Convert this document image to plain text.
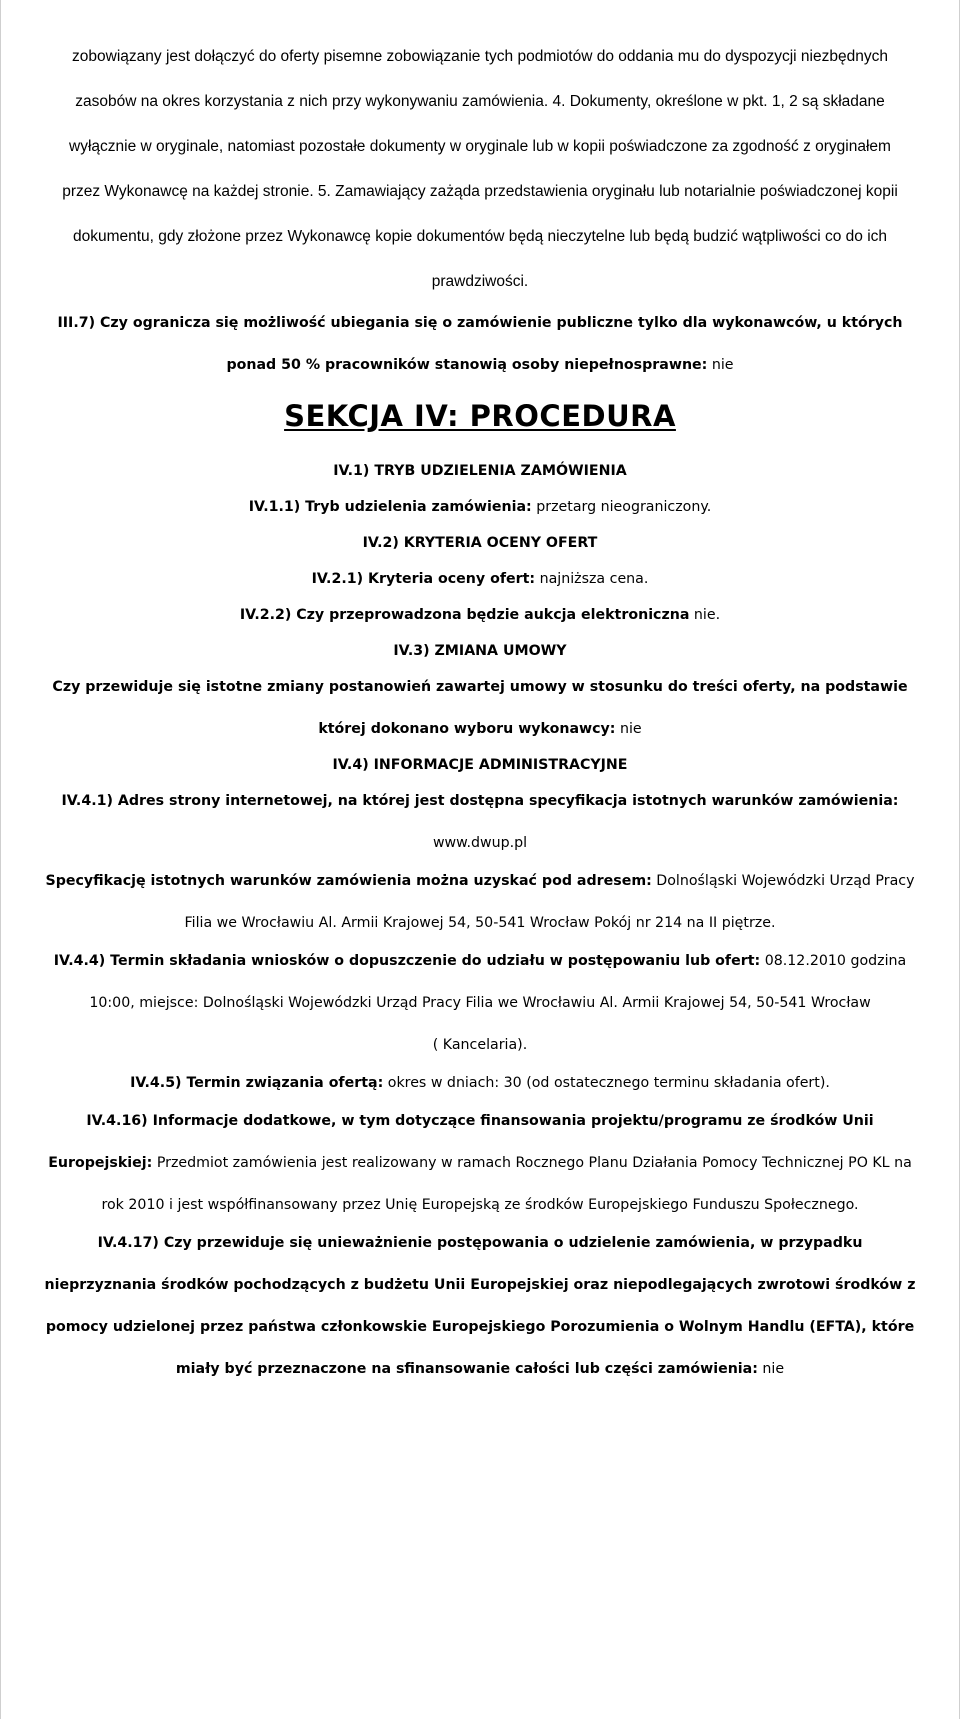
zobowiązany jest dołączyć do oferty pisemne zobowiązanie tych podmiotów do oddania mu do dyspozycji niezbędnych

zasobów na okres korzystania z nich przy wykonywaniu zamówienia. 4. Dokumenty, określone w pkt. 1, 2 są składane

wyłącznie w oryginale, natomiast pozostałe dokumenty w oryginale lub w kopii poświadczone za zgodność z oryginałem

przez Wykonawcę na każdej stronie. 5. Zamawiający zażąda przedstawienia oryginału lub notarialnie poświadczonej kopii

dokumentu, gdy złożone przez Wykonawcę kopie dokumentów będą nieczytelne lub będą budzić wątpliwości co do ich

prawdziwości.

III.7) Czy ogranicza się możliwość ubiegania się o zamówienie publiczne tylko dla wykonawców, u których

ponad 50 % pracowników stanowią osoby niepełnosprawne: nie

SEKCJA IV: PROCEDURA

IV.1) TRYB UDZIELENIA ZAMÓWIENIA

IV.1.1) Tryb udzielenia zamówienia: przetarg nieograniczony.

IV.2) KRYTERIA OCENY OFERT

IV.2.1) Kryteria oceny ofert: najniższa cena.

IV.2.2) Czy przeprowadzona będzie aukcja elektroniczna nie.

IV.3) ZMIANA UMOWY

Czy przewiduje się istotne zmiany postanowień zawartej umowy w stosunku do treści oferty, na podstawie

której dokonano wyboru wykonawcy: nie

IV.4) INFORMACJE ADMINISTRACYJNE

IV.4.1) Adres strony internetowej, na której jest dostępna specyfikacja istotnych warunków zamówienia:

www.dwup.pl

Specyfikację istotnych warunków zamówienia można uzyskać pod adresem: Dolnośląski Wojewódzki Urząd Pracy

Filia we Wrocławiu Al. Armii Krajowej 54, 50-541 Wrocław Pokój nr 214 na II piętrze.

IV.4.4) Termin składania wniosków o dopuszczenie do udziału w postępowaniu lub ofert: 08.12.2010 godzina

10:00, miejsce: Dolnośląski Wojewódzki Urząd Pracy Filia we Wrocławiu Al. Armii Krajowej 54, 50-541 Wrocław

( Kancelaria).

IV.4.5) Termin związania ofertą: okres w dniach: 30 (od ostatecznego terminu składania ofert).

IV.4.16) Informacje dodatkowe, w tym dotyczące finansowania projektu/programu ze środków Unii

Europejskiej: Przedmiot zamówienia jest realizowany w ramach Rocznego Planu Działania Pomocy Technicznej PO KL na

rok 2010 i jest współfinansowany przez Unię Europejską ze środków Europejskiego Funduszu Społecznego.

IV.4.17) Czy przewiduje się unieważnienie postępowania o udzielenie zamówienia, w przypadku

nieprzyznania środków pochodzących z budżetu Unii Europejskiej oraz niepodlegających zwrotowi środków z

pomocy udzielonej przez państwa członkowskie Europejskiego Porozumienia o Wolnym Handlu (EFTA), które

miały być przeznaczone na sfinansowanie całości lub części zamówienia: nie
